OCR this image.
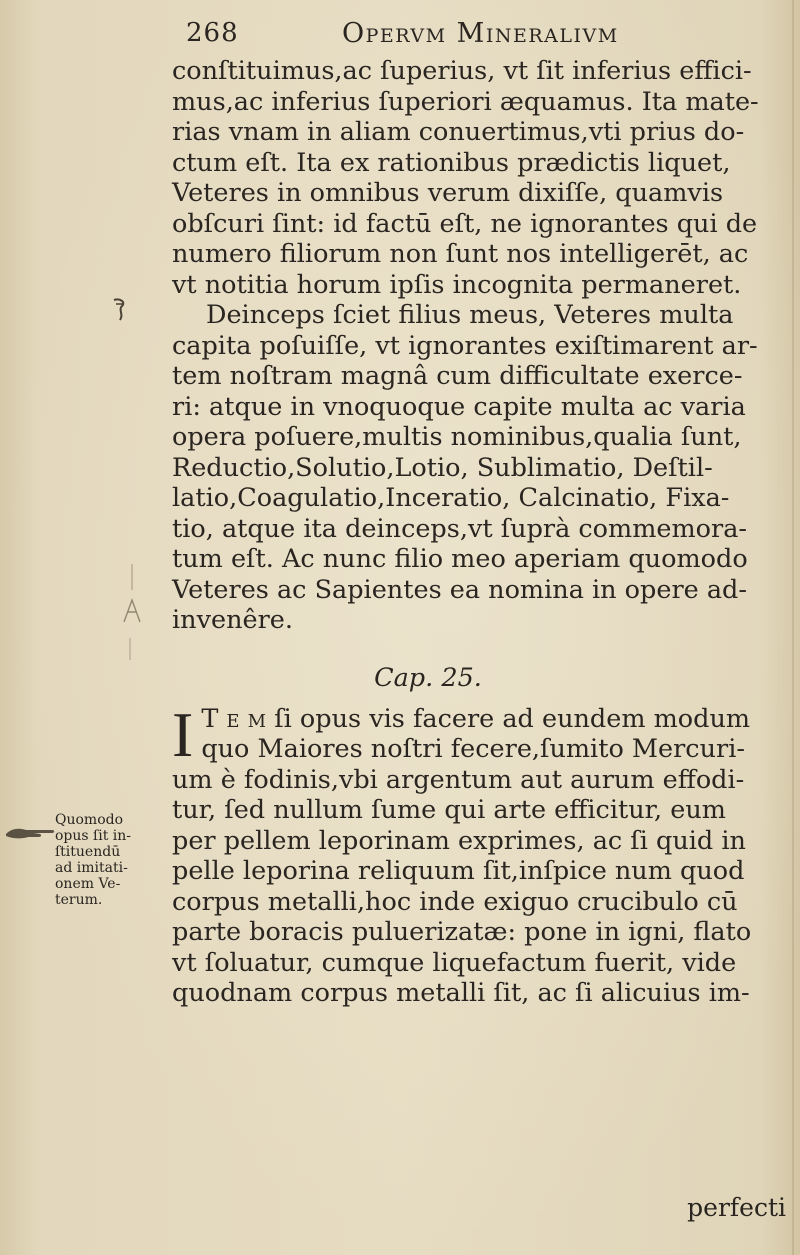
268	Opervm Mineralivm
conſtituimus,ac ſuperius, vt ſit inferius effici-
mus,ac inferius ſuperiori æquamus. Ita mate-
rias vnam in aliam conuertimus,vti prius do-
ctum eſt. Ita ex rationibus prædictis liquet,
Veteres in omnibus verum dixiſſe, quamvis
obſcuri ſint: id factū eſt, ne ignorantes qui de
numero filiorum non ſunt nos intelligerēt, ac
vt notitia horum ipſis incognita permaneret.
Deinceps ſciet filius meus, Veteres multa
capita poſuiſſe, vt ignorantes exiſtimarent ar-
tem noſtram magnâ cum difficultate exerce-
ri: atque in vnoquoque capite multa ac varia
opera poſuere,multis nominibus,qualia ſunt,
Reductio,Solutio,Lotio, Sublimatio, Deſtil-
latio,Coagulatio,Inceratio, Calcinatio, Fixa-
tio, atque ita deinceps,vt ſuprà commemora-
tum eſt. Ac nunc filio meo aperiam quomodo
Veteres ac Sapientes ea nomina in opere ad-
invenêre.
Cap. 25.
I T e m ſi opus vis facere ad eundem modum
quo Maiores noſtri fecere,ſumito Mercuri-
um è fodinis,vbi argentum aut aurum effodi-
tur, ſed nullum ſume qui arte efficitur, eum
per pellem leporinam exprimes, ac ſi quid in
pelle leporina reliquum ſit,inſpice num quod
corpus metalli,hoc inde exiguo crucibulo cū
parte boracis puluerizatæ: pone in igni, flato
vt ſoluatur, cumque liquefactum fuerit, vide
quodnam corpus metalli ſit, ac ſi alicuius im-
perfecti
Quomodo
opus ſit in-
ſtituendū
ad imitati-
onem Ve-
terum.
